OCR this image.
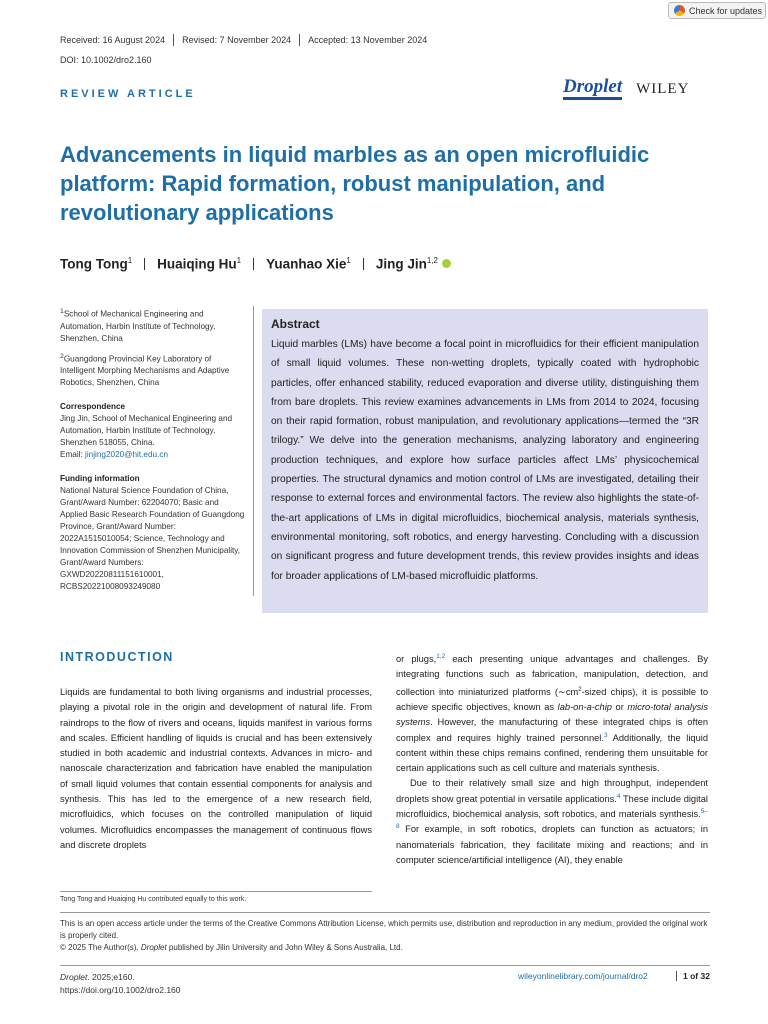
Check for updates
Received: 16 August 2024 Revised: 7 November 2024 Accepted: 13 November 2024
DOI: 10.1002/dro2.160
REVIEW ARTICLE	Droplet WILEY
Advancements in liquid marbles as an open microfluidic platform: Rapid formation, robust manipulation, and revolutionary applications
Tong Tong$^1$ Huaiqing Hu$^1$ Yuanhao Xie$^1$ Jing Jin$^{1,2}$

$^1$School of Mechanical Engineering and Automation, Harbin Institute of Technology, Shenzhen, China

$^2$Guangdong Provincial Key Laboratory of Intelligent Morphing Mechanisms and Adaptive Robotics, Shenzhen, China

Correspondence

Jing Jin, School of Mechanical Engineering and Automation, Harbin Institute of Technology, Shenzhen 518055, China.
Email: jinjing2020@hit.edu.cn

Funding information

National Natural Science Foundation of China, Grant/Award Number: 62204070; Basic and Applied Basic Research Foundation of Guangdong Province, Grant/Award Number: 2022A1515010054; Science, Technology and Innovation Commission of Shenzhen Municipality, Grant/Award Numbers: GXWD20220811151610001, RCBS20221008093249080

Abstract

Liquid marbles (LMs) have become a focal point in microfluidics for their efficient manipulation of small liquid volumes. These non-wetting droplets, typically coated with hydrophobic particles, offer enhanced stability, reduced evaporation and diverse utility, distinguishing them from bare droplets. This review examines advancements in LMs from 2014 to 2024, focusing on their rapid formation, robust manipulation, and revolutionary applications—termed the “3R trilogy.” We delve into the generation mechanisms, analyzing laboratory and engineering production techniques, and explore how surface particles affect LMs’ physicochemical properties. The structural dynamics and motion control of LMs are investigated, detailing their response to external forces and environmental factors. The review also highlights the state-of-the-art applications of LMs in digital microfluidics, biochemical analysis, materials synthesis, environmental monitoring, soft robotics, and energy harvesting. Concluding with a discussion on significant progress and future development trends, this review provides insights and ideas for broader applications of LM-based microfluidic platforms.

INTRODUCTION

Liquids are fundamental to both living organisms and industrial processes, playing a pivotal role in the origin and development of natural life. From raindrops to the flow of rivers and oceans, liquids manifest in various forms and scales. Efficient handling of liquids is crucial and has been extensively studied in both academic and industrial contexts. Advances in micro- and nanoscale characterization and fabrication have enabled the manipulation of small liquid volumes that contain essential components for analysis and synthesis. This has led to the emergence of a new research field, microfluidics, which focuses on the controlled manipulation of liquid volumes. Microfluidics encompasses the management of continuous flows and discrete droplets

or plugs,$^{1,2}$ each presenting unique advantages and challenges. By integrating functions such as fabrication, manipulation, detection, and collection into miniaturized platforms ($\sim cm^2$-sized chips), it is possible to achieve specific objectives, known as lab-on-a-chip or micro-total analysis systems. However, the manufacturing of these integrated chips is often complex and requires highly trained personnel.$^3$ Additionally, the liquid content within these chips remains confined, rendering them unsuitable for certain applications such as cell culture and materials synthesis.

Due to their relatively small size and high throughput, independent droplets show great potential in versatile applications.$^4$ These include digital microfluidics, biochemical analysis, soft robotics, and materials synthesis.$^{5-8}$ For example, in soft robotics, droplets can function as actuators; in nanomaterials fabrication, they facilitate mixing and reactions; and in computer science/artificial intelligence (AI), they enable

Tong Tong and Huaiqing Hu contributed equally to this work.

This is an open access article under the terms of the Creative Commons Attribution License, which permits use, distribution and reproduction in any medium, provided the original work is properly cited.

© 2025 The Author(s). Droplet published by Jilin University and John Wiley & Sons Australia, Ltd.

Droplet. 2025;e160.
https://doi.org/10.1002/dro2.160
wileyonlinelibrary.com/journal/dro2	1 of 32
